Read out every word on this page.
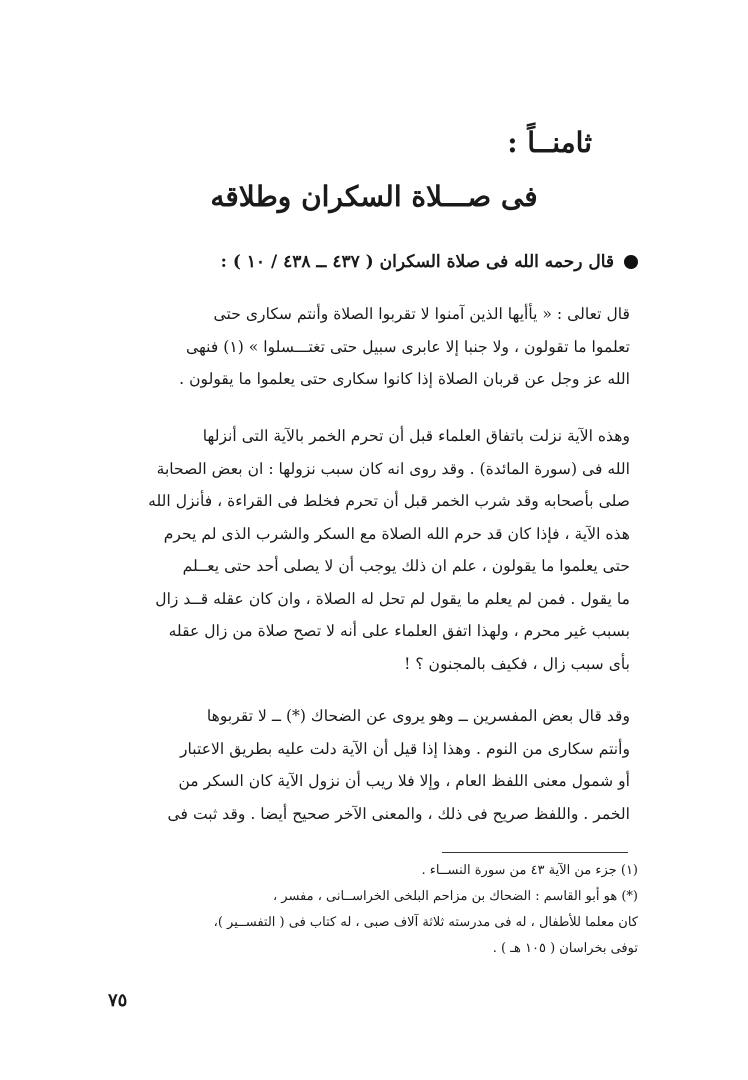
ثامنــاً :
فى صـــلاة السكران وطلاقه
قال رحمه الله فى صلاة السكران ( ٤٣٧ ــ ٤٣٨ / ١٠ ) :
قال تعالى : « يأأيها الذين آمنوا لا تقربوا الصلاة وأنتم سكارى حتى
تعلموا ما تقولون ، ولا جنبا إلا عابرى سبيل حتى تغتـــسلوا » (١) فنهى
الله عز وجل عن قربان الصلاة إذا كانوا سكارى حتى يعلموا ما يقولون .
وهذه الآية نزلت باتفاق العلماء قبل أن تحرم الخمر بالآية التى أنزلها
الله فى (سورة المائدة) . وقد روى انه كان سبب نزولها : ان بعض الصحابة
صلى بأصحابه وقد شرب الخمر قبل أن تحرم فخلط فى القراءة ، فأنزل الله
هذه الآية ، فإذا كان قد حرم الله الصلاة مع السكر والشرب الذى لم يحرم
حتى يعلموا ما يقولون ، علم ان ذلك يوجب أن لا يصلى أحد حتى يعــلم
ما يقول . فمن لم يعلم ما يقول لم تحل له الصلاة ، وان كان عقله قــد زال
بسبب غير محرم ، ولهذا اتفق العلماء على أنه لا تصح صلاة من زال عقله
بأى سبب زال ، فكيف بالمجنون ؟ !
وقد قال بعض المفسرين ــ وهو يروى عن الضحاك (*) ــ لا تقربوها
وأنتم سكارى من النوم . وهذا إذا قيل أن الآية دلت عليه بطريق الاعتبار
أو شمول معنى اللفظ العام ، وإلا فلا ريب أن نزول الآية كان السكر من
الخمر . واللفظ صريح فى ذلك ، والمعنى الآخر صحيح أيضا . وقد ثبت فى
(١) جزء من الآية ٤٣ من سورة النســاء .
(*) هو أبو القاسم : الضحاك بن مزاحم البلخى الخراســانى ، مفسر ،
كان معلما للأطفال ، له فى مدرسته ثلاثة آلاف صبى ، له كتاب فى ( التفســير )،
توفى بخراسان ( ١٠٥ هـ ) .
٧٥
